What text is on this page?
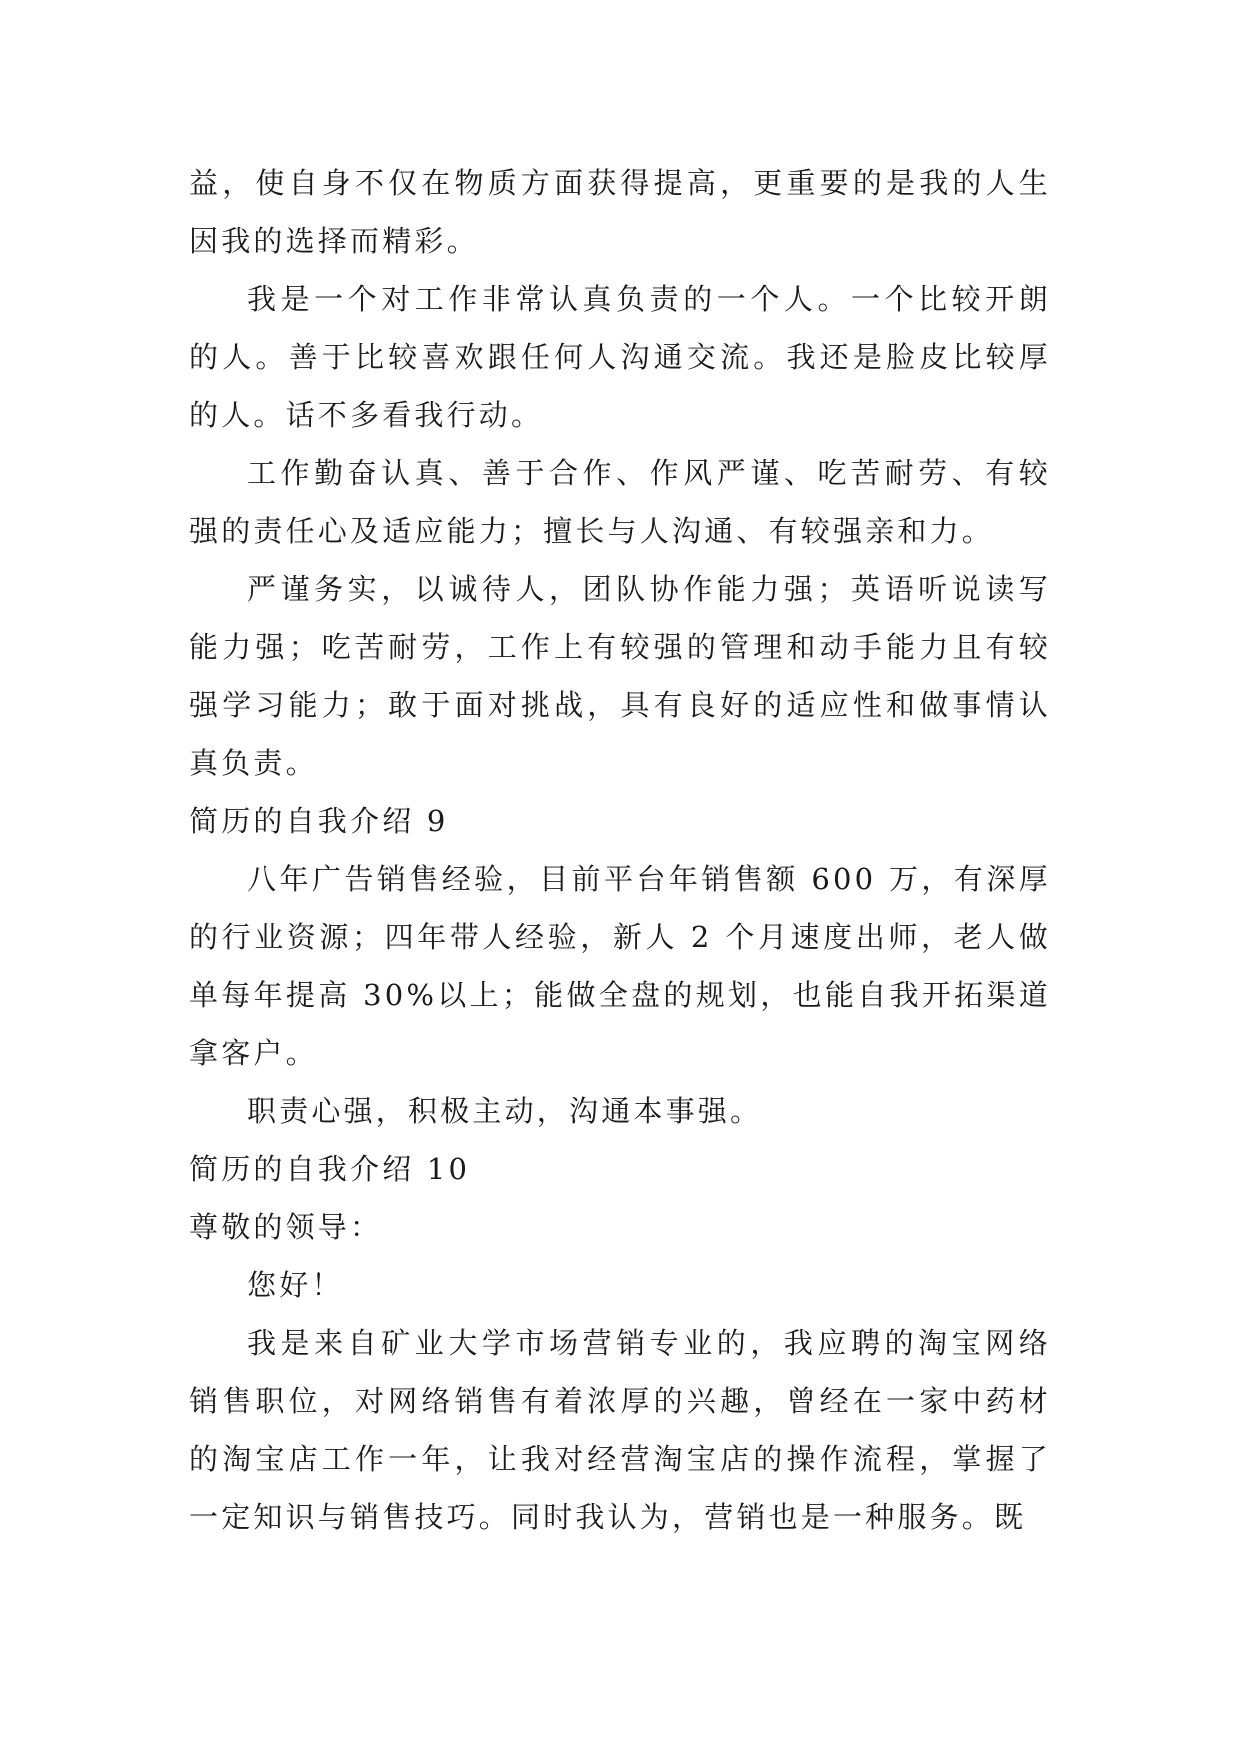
益，使自身不仅在物质方面获得提高，更重要的是我的人生因我的选择而精彩。

我是一个对工作非常认真负责的一个人。一个比较开朗的人。善于比较喜欢跟任何人沟通交流。我还是脸皮比较厚的人。话不多看我行动。

工作勤奋认真、善于合作、作风严谨、吃苦耐劳、有较强的责任心及适应能力；擅长与人沟通、有较强亲和力。

严谨务实，以诚待人，团队协作能力强；英语听说读写能力强；吃苦耐劳，工作上有较强的管理和动手能力且有较强学习能力；敢于面对挑战，具有良好的适应性和做事情认真负责。

简历的自我介绍 9

八年广告销售经验，目前平台年销售额 600 万，有深厚的行业资源；四年带人经验，新人 2 个月速度出师，老人做单每年提高 30%以上；能做全盘的规划，也能自我开拓渠道拿客户。

职责心强，积极主动，沟通本事强。

简历的自我介绍 10

尊敬的领导：

您好！

我是来自矿业大学市场营销专业的，我应聘的淘宝网络销售职位，对网络销售有着浓厚的兴趣，曾经在一家中药材的淘宝店工作一年，让我对经营淘宝店的操作流程，掌握了一定知识与销售技巧。同时我认为，营销也是一种服务。既
